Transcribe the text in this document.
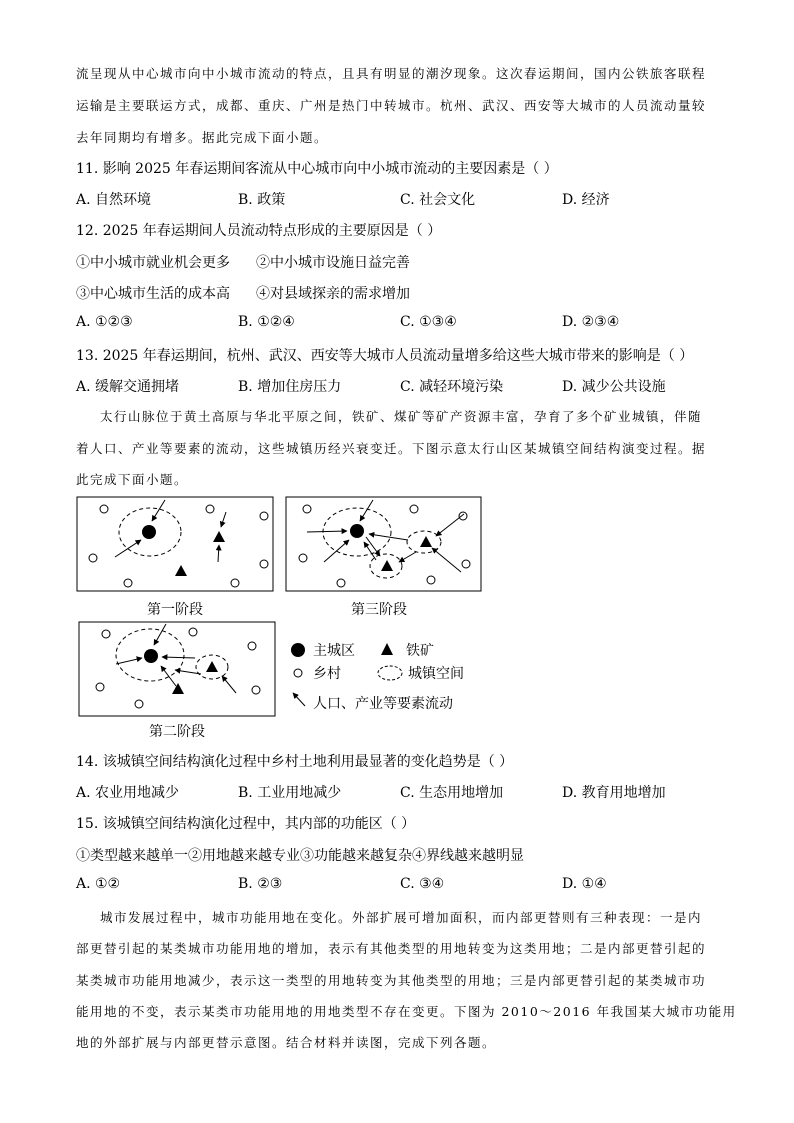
流呈现从中心城市向中小城市流动的特点，且具有明显的潮汐现象。这次春运期间，国内公铁旅客联程
运输是主要联运方式，成都、重庆、广州是热门中转城市。杭州、武汉、西安等大城市的人员流动量较
去年同期均有增多。据此完成下面小题。
11. 影响 2025 年春运期间客流从中心城市向中小城市流动的主要因素是（ ）
A. 自然环境	B. 政策	C. 社会文化	D. 经济
12. 2025 年春运期间人员流动特点形成的主要原因是（ ）
①中小城市就业机会更多 ②中小城市设施日益完善
③中心城市生活的成本高 ④对县域探亲的需求增加
A. ①②③	B. ①②④	C. ①③④	D. ②③④
13. 2025 年春运期间，杭州、武汉、西安等大城市人员流动量增多给这些大城市带来的影响是（ ）
A. 缓解交通拥堵	B. 增加住房压力	C. 减轻环境污染	D. 减少公共设施
太行山脉位于黄土高原与华北平原之间，铁矿、煤矿等矿产资源丰富，孕育了多个矿业城镇，伴随
着人口、产业等要素的流动，这些城镇历经兴衰变迁。下图示意太行山区某城镇空间结构演变过程。据
此完成下面小题。
第一阶段	第三阶段
第二阶段
主城区	铁矿
乡村	城镇空间
人口、产业等要素流动
14. 该城镇空间结构演化过程中乡村土地利用最显著的变化趋势是（ ）
A. 农业用地减少	B. 工业用地减少	C. 生态用地增加	D. 教育用地增加
15. 该城镇空间结构演化过程中，其内部的功能区（ ）
①类型越来越单一②用地越来越专业③功能越来越复杂④界线越来越明显
A. ①②	B. ②③	C. ③④	D. ①④
城市发展过程中，城市功能用地在变化。外部扩展可增加面积，而内部更替则有三种表现：一是内
部更替引起的某类城市功能用地的增加，表示有其他类型的用地转变为这类用地；二是内部更替引起的
某类城市功能用地减少，表示这一类型的用地转变为其他类型的用地；三是内部更替引起的某类城市功
能用地的不变，表示某类市功能用地的用地类型不存在变更。下图为 2010～2016 年我国某大城市功能用
地的外部扩展与内部更替示意图。结合材料并读图，完成下列各题。
